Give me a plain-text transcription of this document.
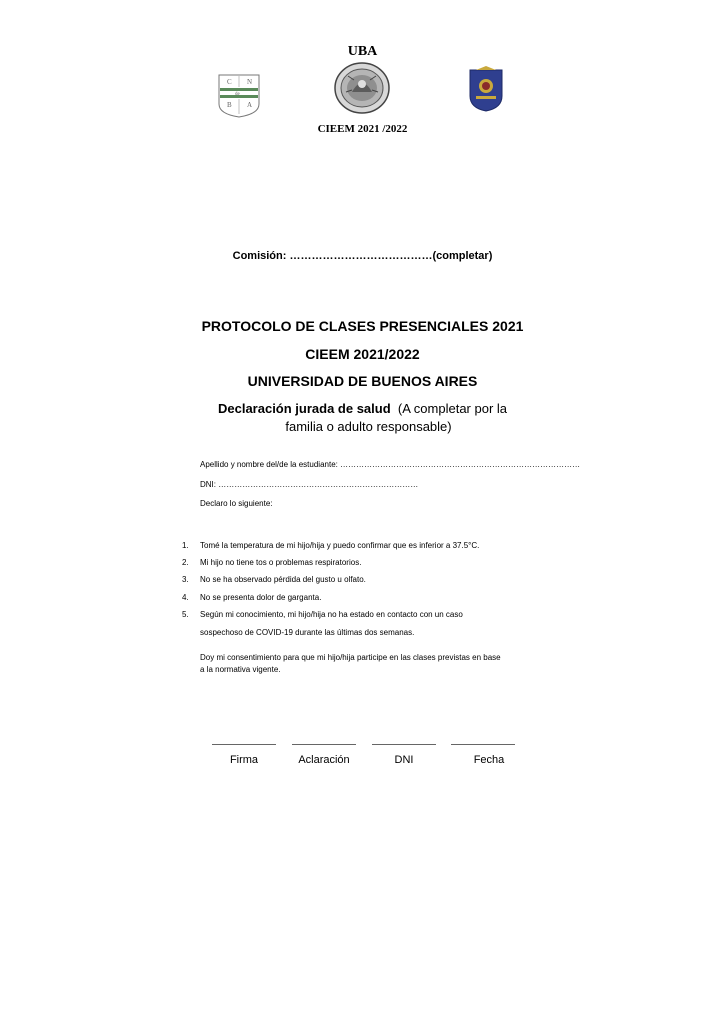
UBA
C N
de
B A
CIEEM 2021 /2022
Comisión: …………………………………(completar)
PROTOCOLO DE CLASES PRESENCIALES 2021
CIEEM 2021/2022
UNIVERSIDAD DE BUENOS AIRES
Declaración jurada de salud (A completar por la
familia o adulto responsable)
Apellido y nombre del/de la estudiante: ………………………………………………………………………………
DNI: …………………………………………………………………
Declaro lo siguiente:
1.	Tomé la temperatura de mi hijo/hija y puedo confirmar que es inferior a 37.5°C.
2.	Mi hijo no tiene tos o problemas respiratorios.
3.	No se ha observado pérdida del gusto u olfato.
4.	No se presenta dolor de garganta.
5.	Según mi conocimiento, mi hijo/hija no ha estado en contacto con un caso
sospechoso de COVID-19 durante las últimas dos semanas.
Doy mi consentimiento para que mi hijo/hija participe en las clases previstas en base
a la normativa vigente.
Firma	Aclaración	DNI	Fecha
